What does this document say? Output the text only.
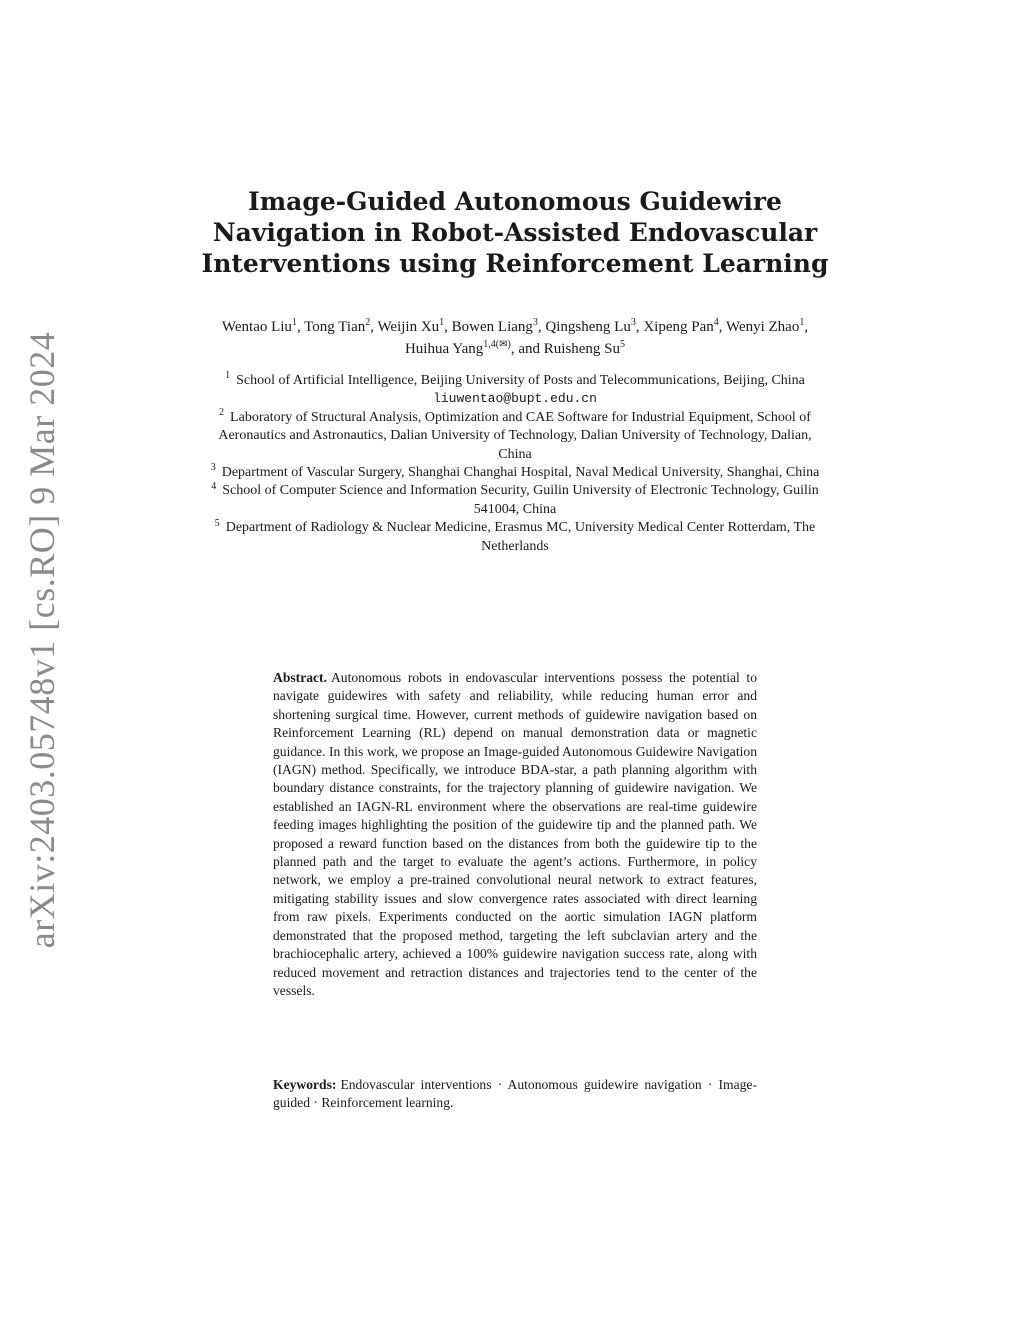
arXiv:2403.05748v1 [cs.RO] 9 Mar 2024
Image-Guided Autonomous Guidewire
Navigation in Robot-Assisted Endovascular
Interventions using Reinforcement Learning
Wentao Liu$^1$, Tong Tian$^2$, Weijin Xu$^1$, Bowen Liang$^3$, Qingsheng Lu$^3$, Xipeng Pan$^4$, Wenyi Zhao$^1$, Huihua Yang$^{1,4(✉)}$, and Ruisheng Su$^5$
$^1$ School of Artificial Intelligence, Beijing University of Posts and Telecommunications, Beijing, China
liuwentao@bupt.edu.cn
$^2$ Laboratory of Structural Analysis, Optimization and CAE Software for Industrial Equipment, School of Aeronautics and Astronautics, Dalian University of Technology, Dalian University of Technology, Dalian, China
$^3$ Department of Vascular Surgery, Shanghai Changhai Hospital, Naval Medical University, Shanghai, China
$^4$ School of Computer Science and Information Security, Guilin University of Electronic Technology, Guilin 541004, China
$^5$ Department of Radiology & Nuclear Medicine, Erasmus MC, University Medical Center Rotterdam, The Netherlands
Abstract. Autonomous robots in endovascular interventions possess the potential to navigate guidewires with safety and reliability, while reducing human error and shortening surgical time. However, current methods of guidewire navigation based on Reinforcement Learning (RL) depend on manual demonstration data or magnetic guidance. In this work, we propose an Image-guided Autonomous Guidewire Navigation (IAGN) method. Specifically, we introduce BDA-star, a path planning algorithm with boundary distance constraints, for the trajectory planning of guidewire navigation. We established an IAGN-RL environment where the observations are real-time guidewire feeding images highlighting the position of the guidewire tip and the planned path. We proposed a reward function based on the distances from both the guidewire tip to the planned path and the target to evaluate the agent’s actions. Furthermore, in policy network, we employ a pre-trained convolutional neural network to extract features, mitigating stability issues and slow convergence rates associated with direct learning from raw pixels. Experiments conducted on the aortic simulation IAGN platform demonstrated that the proposed method, targeting the left subclavian artery and the brachiocephalic artery, achieved a 100% guidewire navigation success rate, along with reduced movement and retraction distances and trajectories tend to the center of the vessels.
Keywords: Endovascular interventions · Autonomous guidewire navigation · Image-guided · Reinforcement learning.
